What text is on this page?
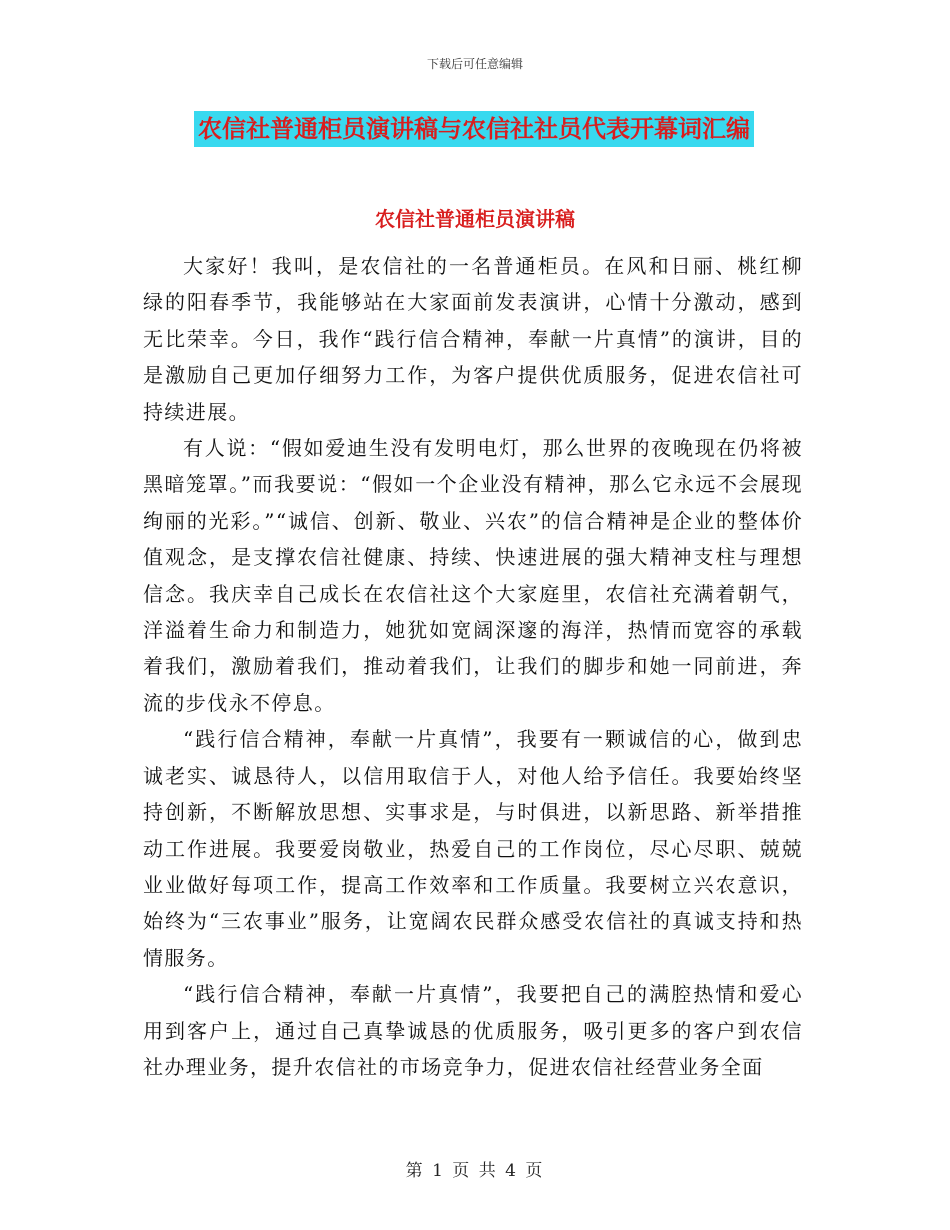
下载后可任意编辑
农信社普通柜员演讲稿与农信社社员代表开幕词汇编
农信社普通柜员演讲稿

大家好！我叫，是农信社的一名普通柜员。在风和日丽、桃红柳绿的阳春季节，我能够站在大家面前发表演讲，心情十分激动，感到无比荣幸。今日，我作“践行信合精神，奉献一片真情”的演讲，目的是激励自己更加仔细努力工作，为客户提供优质服务，促进农信社可持续进展。

有人说：“假如爱迪生没有发明电灯，那么世界的夜晚现在仍将被黑暗笼罩。”而我要说：“假如一个企业没有精神，那么它永远不会展现绚丽的光彩。”“诚信、创新、敬业、兴农”的信合精神是企业的整体价值观念，是支撑农信社健康、持续、快速进展的强大精神支柱与理想信念。我庆幸自己成长在农信社这个大家庭里，农信社充满着朝气，洋溢着生命力和制造力，她犹如宽阔深邃的海洋，热情而宽容的承载着我们，激励着我们，推动着我们，让我们的脚步和她一同前进，奔流的步伐永不停息。

“践行信合精神，奉献一片真情”，我要有一颗诚信的心，做到忠诚老实、诚恳待人，以信用取信于人，对他人给予信任。我要始终坚持创新，不断解放思想、实事求是，与时俱进，以新思路、新举措推动工作进展。我要爱岗敬业，热爱自己的工作岗位，尽心尽职、兢兢业业做好每项工作，提高工作效率和工作质量。我要树立兴农意识，始终为“三农事业”服务，让宽阔农民群众感受农信社的真诚支持和热情服务。

“践行信合精神，奉献一片真情”，我要把自己的满腔热情和爱心用到客户上，通过自己真挚诚恳的优质服务，吸引更多的客户到农信社办理业务，提升农信社的市场竞争力，促进农信社经营业务全面

第 1 页 共 4 页
